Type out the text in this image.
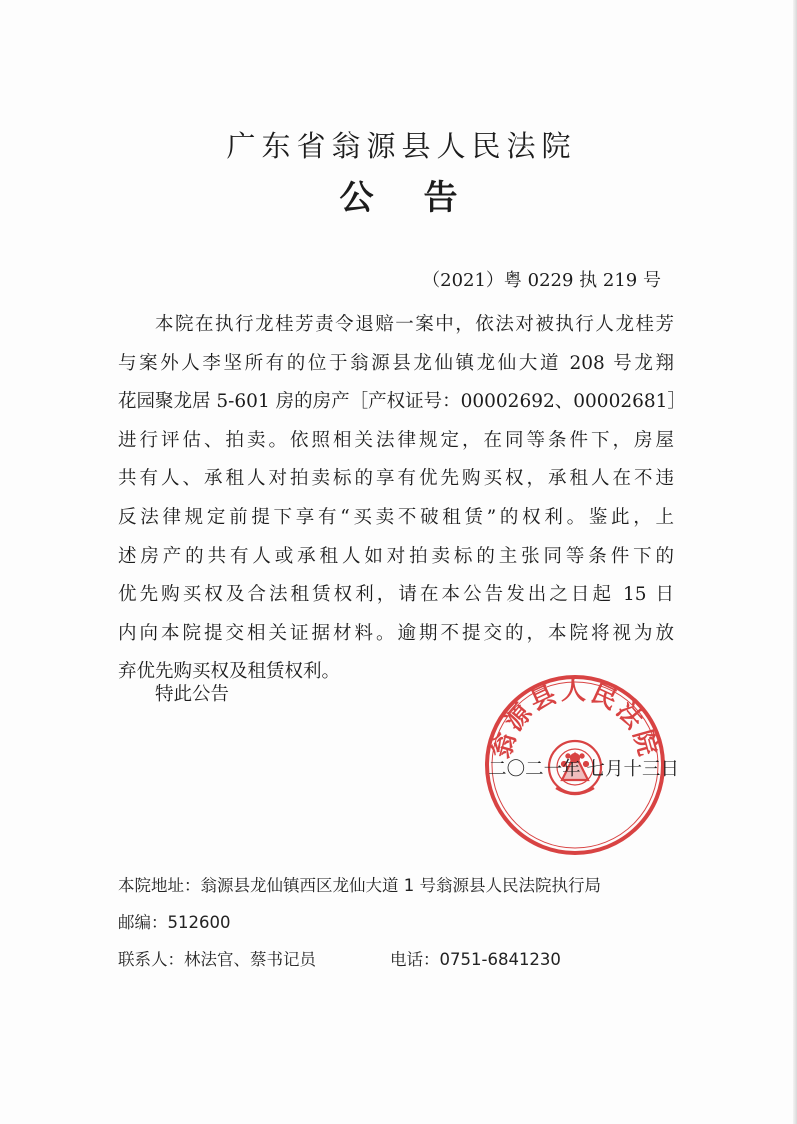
广东省翁源县人民法院
公告
（2021）粤 0229 执 219 号
本院在执行龙桂芳责令退赔一案中，依法对被执行人龙桂芳
与案外人李坚所有的位于翁源县龙仙镇龙仙大道 208 号龙翔
花园聚龙居 5-601 房的房产［产权证号：00002692、00002681］
进行评估、拍卖。依照相关法律规定，在同等条件下，房屋
共有人、承租人对拍卖标的享有优先购买权，承租人在不违
反法律规定前提下享有“买卖不破租赁”的权利。鉴此，上
述房产的共有人或承租人如对拍卖标的主张同等条件下的
优先购买权及合法租赁权利，请在本公告发出之日起 15 日
内向本院提交相关证据材料。逾期不提交的，本院将视为放
弃优先购买权及租赁权利。
特此公告
翁源县人民法院
二〇二一年 七月十三日
本院地址：翁源县龙仙镇西区龙仙大道 1 号翁源县人民法院执行局
邮编：512600
联系人：林法官、蔡书记员	电话：0751-6841230
